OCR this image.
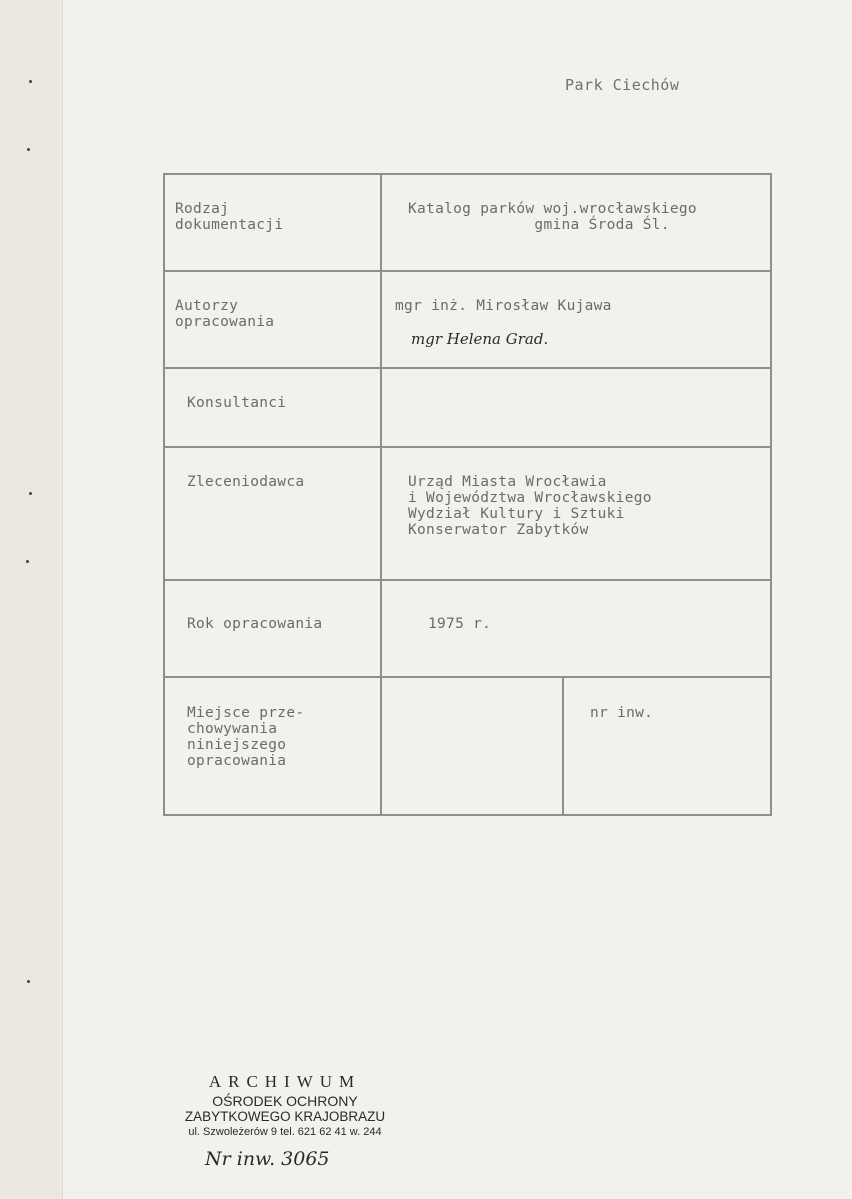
Park Ciechów
Rodzaj
dokumentacji
Katalog parków woj.wrocławskiego
gmina Środa Śl.
Autorzy
opracowania
mgr inż. Mirosław Kujawa
mgr Helena Grad.
Konsultanci
Zleceniodawca	Urząd Miasta Wrocławia
i Województwa Wrocławskiego
Wydział Kultury i Sztuki
Konserwator Zabytków
Rok opracowania	1975 r.
Miejsce prze-
chowywania
niniejszego
opracowania
nr inw.
ARCHIWUM
OŚRODEK OCHRONY
ZABYTKOWEGO KRAJOBRAZU
ul. Szwoleżerów 9 tel. 621 62 41 w. 244
Nr inw. 3065
